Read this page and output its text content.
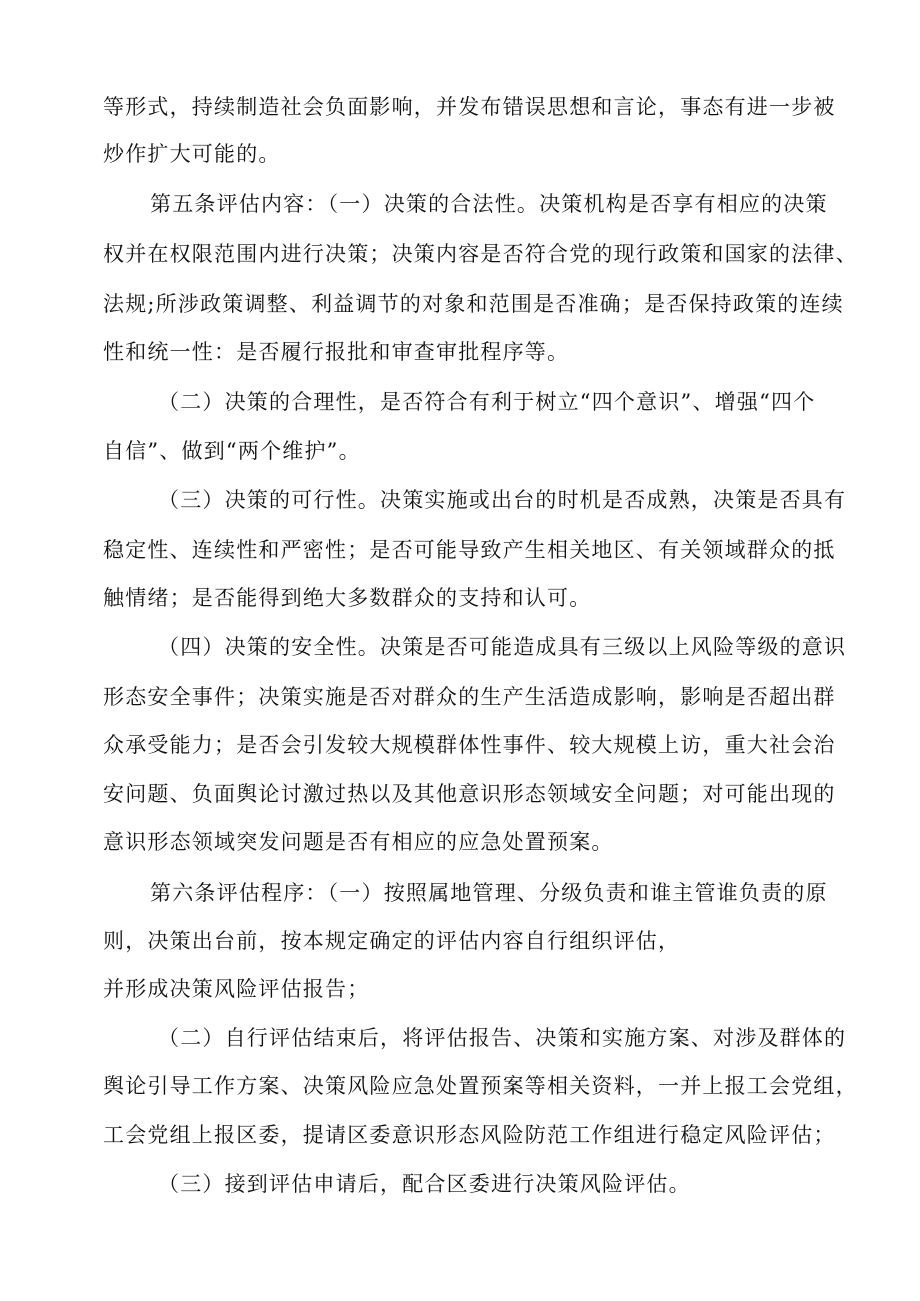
等形式，持续制造社会负面影响，并发布错误思想和言论，事态有进一步被
炒作扩大可能的。
第五条评估内容：（一）决策的合法性。决策机构是否享有相应的决策
权并在权限范围内进行决策；决策内容是否符合党的现行政策和国家的法律、
法规;所涉政策调整、利益调节的对象和范围是否准确；是否保持政策的连续
性和统一性：是否履行报批和审查审批程序等。
（二）决策的合理性，是否符合有利于树立“四个意识”、增强“四个
自信”、做到“两个维护”。
（三）决策的可行性。决策实施或出台的时机是否成熟，决策是否具有
稳定性、连续性和严密性；是否可能导致产生相关地区、有关领域群众的抵
触情绪；是否能得到绝大多数群众的支持和认可。
（四）决策的安全性。决策是否可能造成具有三级以上风险等级的意识
形态安全事件；决策实施是否对群众的生产生活造成影响，影响是否超出群
众承受能力；是否会引发较大规模群体性事件、较大规模上访，重大社会治
安问题、负面舆论讨激过热以及其他意识形态领域安全问题；对可能出现的
意识形态领域突发问题是否有相应的应急处置预案。
第六条评估程序：（一）按照属地管理、分级负责和谁主管谁负责的原
则，决策出台前，按本规定确定的评估内容自行组织评估，
并形成决策风险评估报告；
（二）自行评估结束后，将评估报告、决策和实施方案、对涉及群体的
舆论引导工作方案、决策风险应急处置预案等相关资料，一并上报工会党组，
工会党组上报区委，提请区委意识形态风险防范工作组进行稳定风险评估；
（三）接到评估申请后，配合区委进行决策风险评估。
